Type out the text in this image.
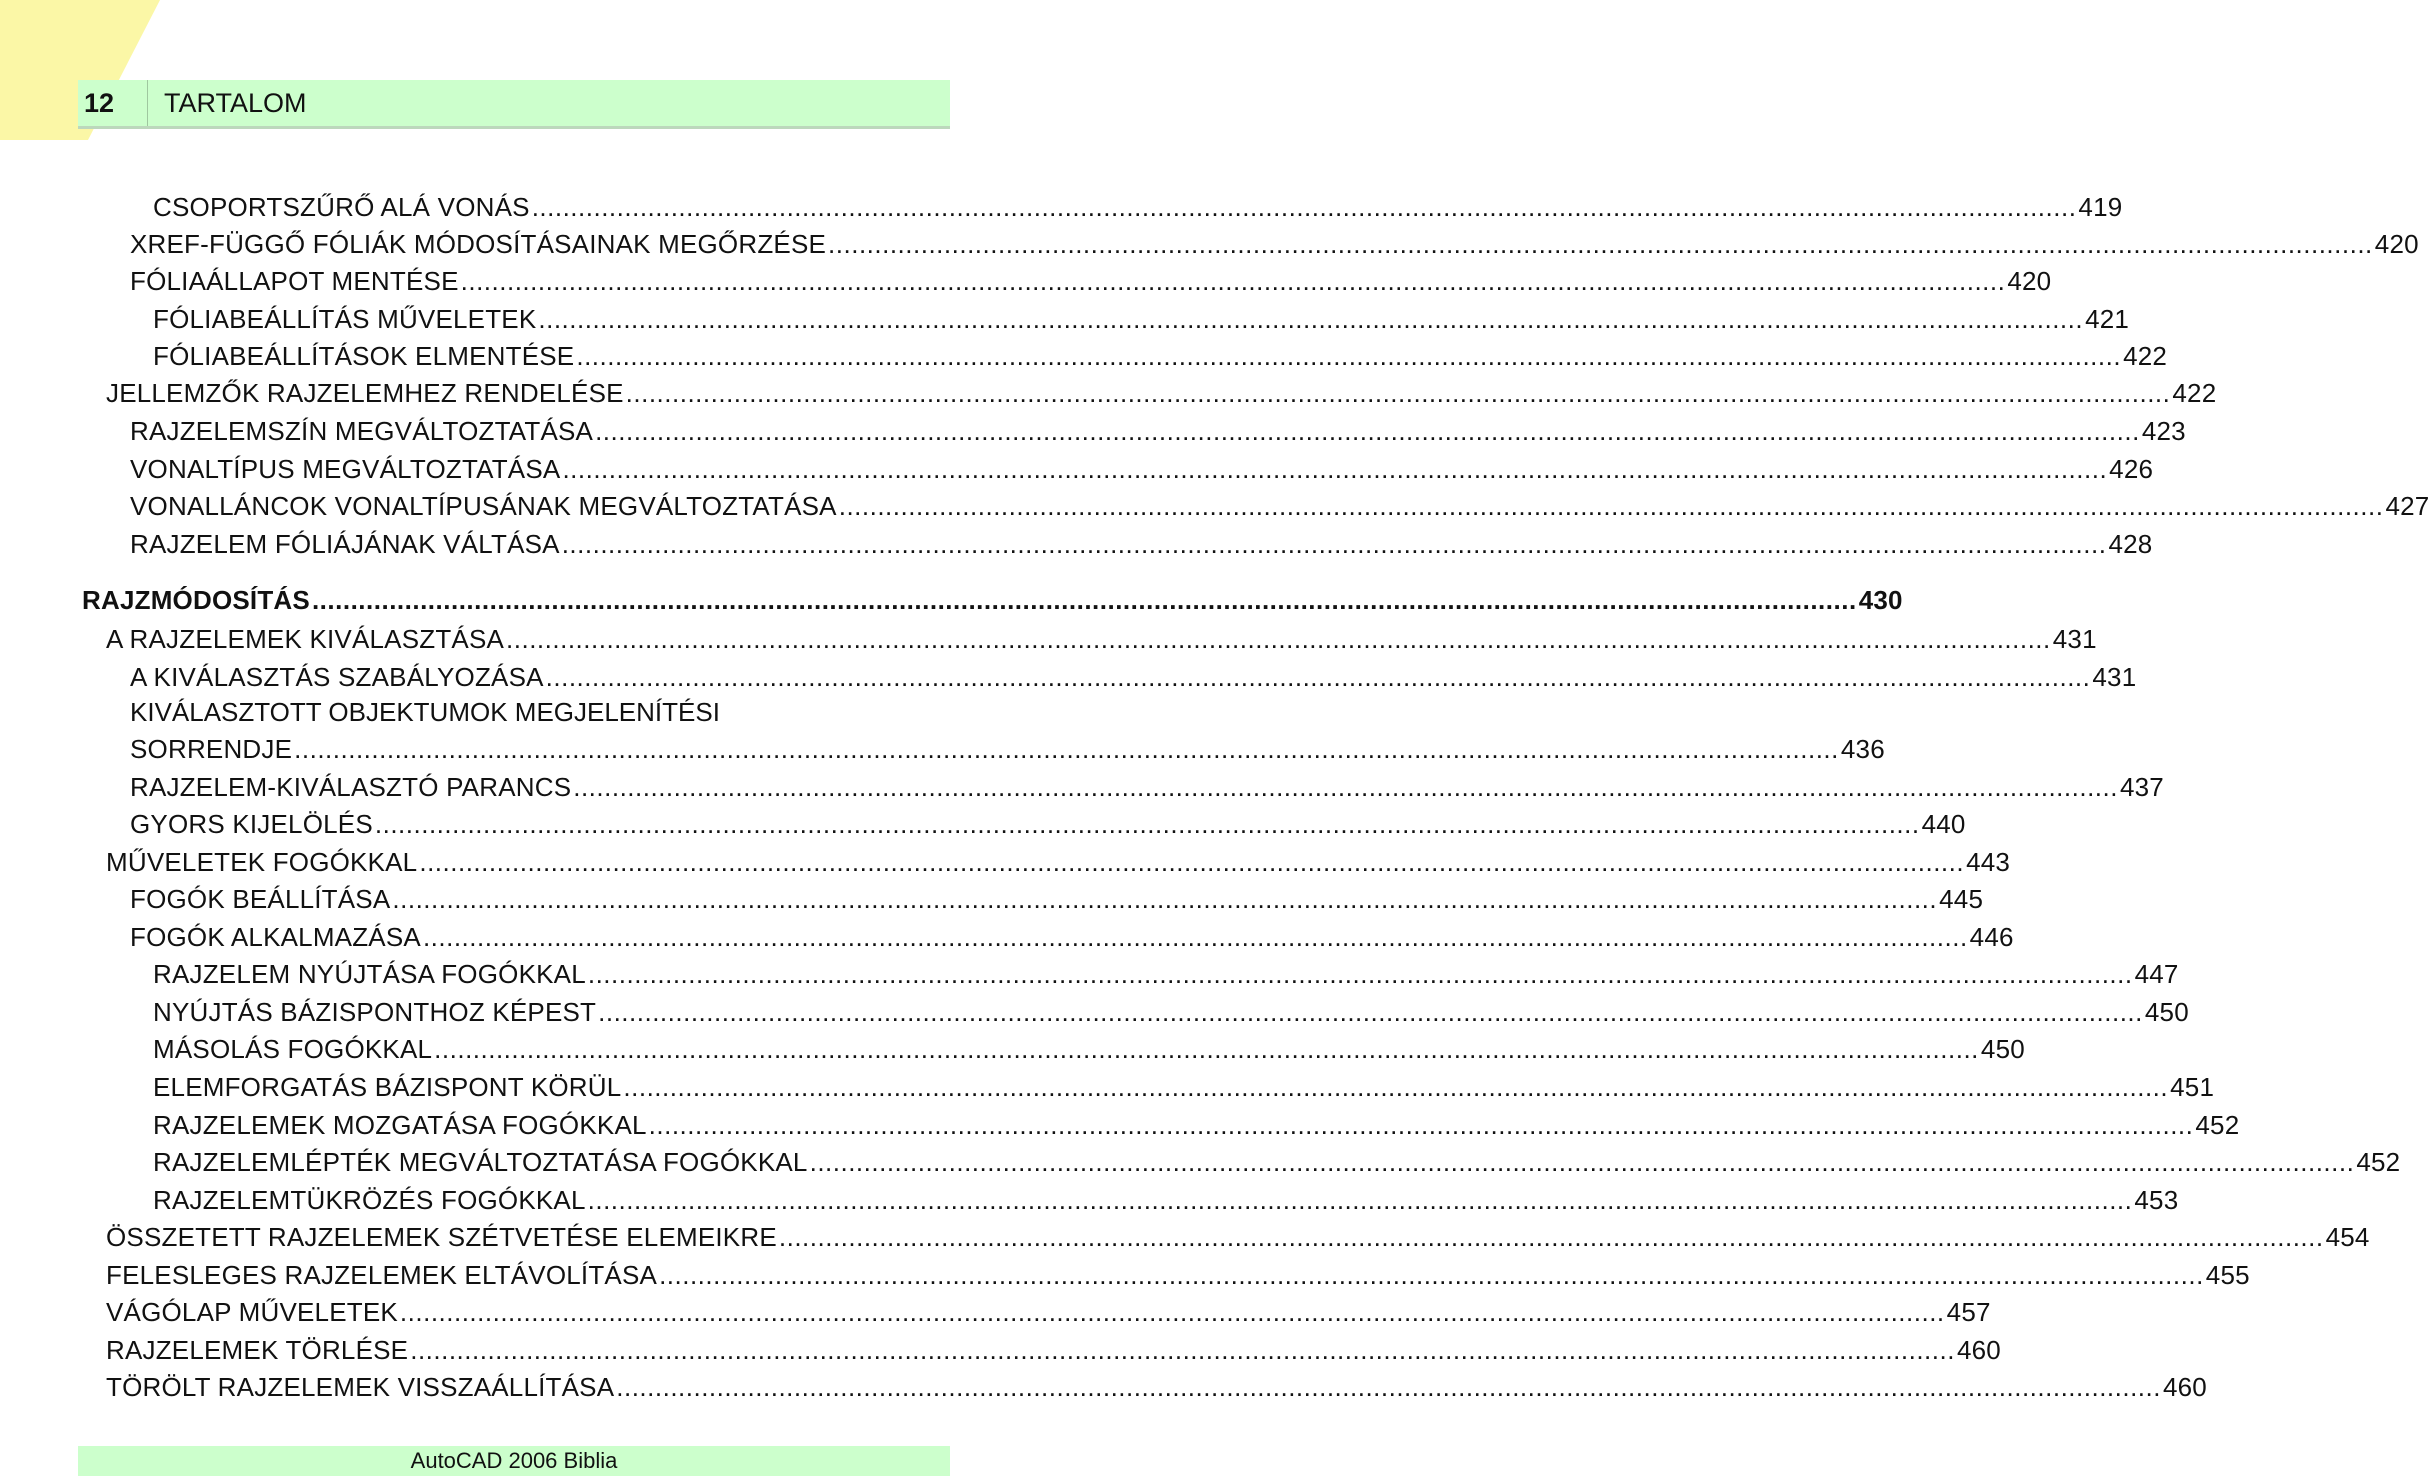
12	TARTALOM
CSOPORTSZŰRŐ ALÁ VONÁS ........................................................................................................................................................................................................ 419
XREF-FÜGGŐ FÓLIÁK MÓDOSÍTÁSAINAK MEGŐRZÉSE ........................................................................................................................................................................................................ 420
FÓLIAÁLLAPOT MENTÉSE ........................................................................................................................................................................................................ 420
FÓLIABEÁLLÍTÁS MŰVELETEK ........................................................................................................................................................................................................ 421
FÓLIABEÁLLÍTÁSOK ELMENTÉSE ........................................................................................................................................................................................................ 422
JELLEMZŐK RAJZELEMHEZ RENDELÉSE ........................................................................................................................................................................................................ 422
RAJZELEMSZÍN MEGVÁLTOZTATÁSA ........................................................................................................................................................................................................ 423
VONALTÍPUS MEGVÁLTOZTATÁSA ........................................................................................................................................................................................................ 426
VONALLÁNCOK VONALTÍPUSÁNAK MEGVÁLTOZTATÁSA ........................................................................................................................................................................................................ 427
RAJZELEM FÓLIÁJÁNAK VÁLTÁSA ........................................................................................................................................................................................................ 428
RAJZMÓDOSÍTÁS ........................................................................................................................................................................................................ 430
A RAJZELEMEK KIVÁLASZTÁSA ........................................................................................................................................................................................................ 431
A KIVÁLASZTÁS SZABÁLYOZÁSA ........................................................................................................................................................................................................ 431
KIVÁLASZTOTT OBJEKTUMOK MEGJELENÍTÉSI
SORRENDJE ........................................................................................................................................................................................................ 436
RAJZELEM-KIVÁLASZTÓ PARANCS ........................................................................................................................................................................................................ 437
GYORS KIJELÖLÉS ........................................................................................................................................................................................................ 440
MŰVELETEK FOGÓKKAL ........................................................................................................................................................................................................ 443
FOGÓK BEÁLLÍTÁSA ........................................................................................................................................................................................................ 445
FOGÓK ALKALMAZÁSA ........................................................................................................................................................................................................ 446
RAJZELEM NYÚJTÁSA FOGÓKKAL ........................................................................................................................................................................................................ 447
NYÚJTÁS BÁZISPONTHOZ KÉPEST ........................................................................................................................................................................................................ 450
MÁSOLÁS FOGÓKKAL ........................................................................................................................................................................................................ 450
ELEMFORGATÁS BÁZISPONT KÖRÜL ........................................................................................................................................................................................................ 451
RAJZELEMEK MOZGATÁSA FOGÓKKAL ........................................................................................................................................................................................................ 452
RAJZELEMLÉPTÉK MEGVÁLTOZTATÁSA FOGÓKKAL ........................................................................................................................................................................................................ 452
RAJZELEMTÜKRÖZÉS FOGÓKKAL ........................................................................................................................................................................................................ 453
ÖSSZETETT RAJZELEMEK SZÉTVETÉSE ELEMEIKRE ........................................................................................................................................................................................................ 454
FELESLEGES RAJZELEMEK ELTÁVOLÍTÁSA ........................................................................................................................................................................................................ 455
VÁGÓLAP MŰVELETEK ........................................................................................................................................................................................................ 457
RAJZELEMEK TÖRLÉSE ........................................................................................................................................................................................................ 460
TÖRÖLT RAJZELEMEK VISSZAÁLLÍTÁSA ........................................................................................................................................................................................................ 460
AutoCAD 2006 Biblia
